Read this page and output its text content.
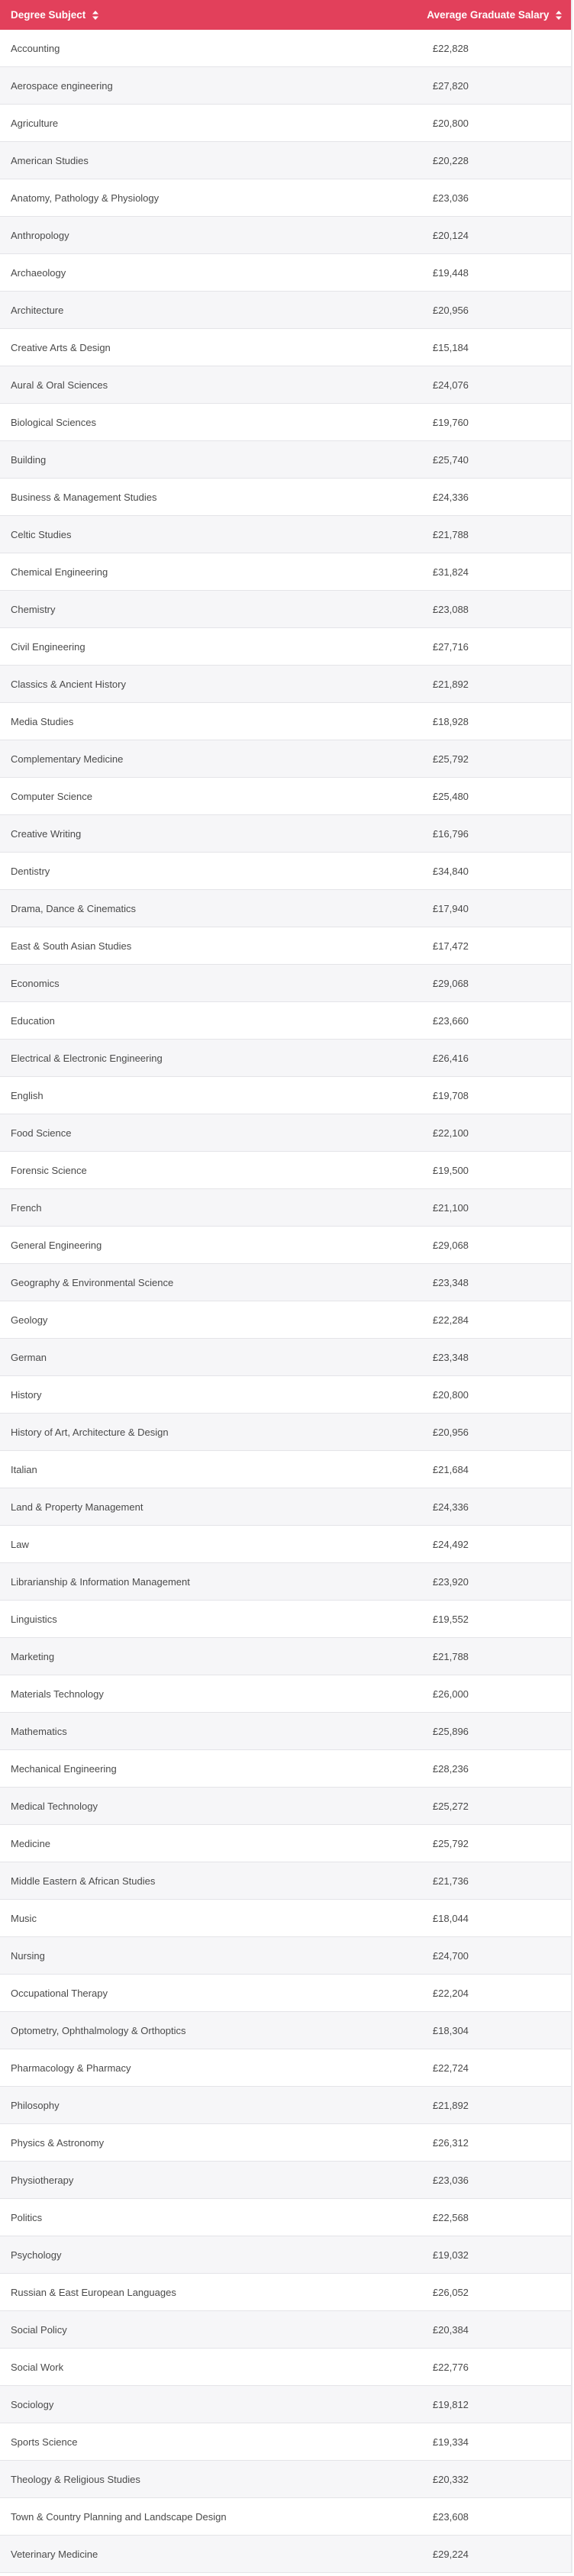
Degree Subject	Average Graduate Salary
Accounting	£22,828
Aerospace engineering	£27,820
Agriculture	£20,800
American Studies	£20,228
Anatomy, Pathology & Physiology	£23,036
Anthropology	£20,124
Archaeology	£19,448
Architecture	£20,956
Creative Arts & Design	£15,184
Aural & Oral Sciences	£24,076
Biological Sciences	£19,760
Building	£25,740
Business & Management Studies	£24,336
Celtic Studies	£21,788
Chemical Engineering	£31,824
Chemistry	£23,088
Civil Engineering	£27,716
Classics & Ancient History	£21,892
Media Studies	£18,928
Complementary Medicine	£25,792
Computer Science	£25,480
Creative Writing	£16,796
Dentistry	£34,840
Drama, Dance & Cinematics	£17,940
East & South Asian Studies	£17,472
Economics	£29,068
Education	£23,660
Electrical & Electronic Engineering	£26,416
English	£19,708
Food Science	£22,100
Forensic Science	£19,500
French	£21,100
General Engineering	£29,068
Geography & Environmental Science	£23,348
Geology	£22,284
German	£23,348
History	£20,800
History of Art, Architecture & Design	£20,956
Italian	£21,684
Land & Property Management	£24,336
Law	£24,492
Librarianship & Information Management	£23,920
Linguistics	£19,552
Marketing	£21,788
Materials Technology	£26,000
Mathematics	£25,896
Mechanical Engineering	£28,236
Medical Technology	£25,272
Medicine	£25,792
Middle Eastern & African Studies	£21,736
Music	£18,044
Nursing	£24,700
Occupational Therapy	£22,204
Optometry, Ophthalmology & Orthoptics	£18,304
Pharmacology & Pharmacy	£22,724
Philosophy	£21,892
Physics & Astronomy	£26,312
Physiotherapy	£23,036
Politics	£22,568
Psychology	£19,032
Russian & East European Languages	£26,052
Social Policy	£20,384
Social Work	£22,776
Sociology	£19,812
Sports Science	£19,334
Theology & Religious Studies	£20,332
Town & Country Planning and Landscape Design	£23,608
Veterinary Medicine	£29,224
